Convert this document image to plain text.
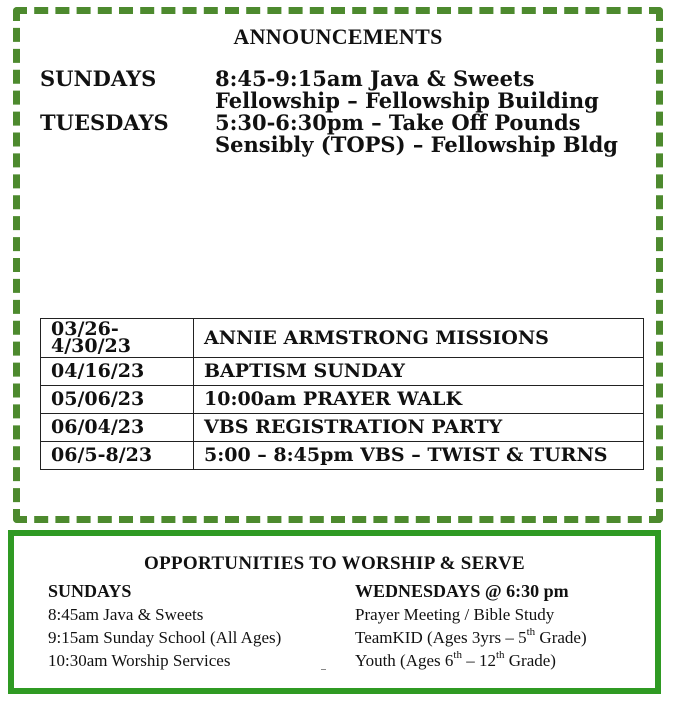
ANNOUNCEMENTS
SUNDAYS	8:45-9:15am Java & Sweets Fellowship – Fellowship Building
TUESDAYS	5:30-6:30pm – Take Off Pounds Sensibly (TOPS) – Fellowship Bldg
03/26-
4/30/23	ANNIE ARMSTRONG MISSIONS
04/16/23	BAPTISM SUNDAY
05/06/23	10:00am PRAYER WALK
06/04/23	VBS REGISTRATION PARTY
06/5-8/23	5:00 – 8:45pm VBS – TWIST & TURNS
OPPORTUNITIES TO WORSHIP & SERVE
SUNDAYS
8:45am Java & Sweets
9:15am Sunday School (All Ages)
10:30am Worship Services
WEDNESDAYS @ 6:30 pm
Prayer Meeting / Bible Study
TeamKID (Ages 3yrs – 5th Grade)
Youth (Ages 6th – 12th Grade)
